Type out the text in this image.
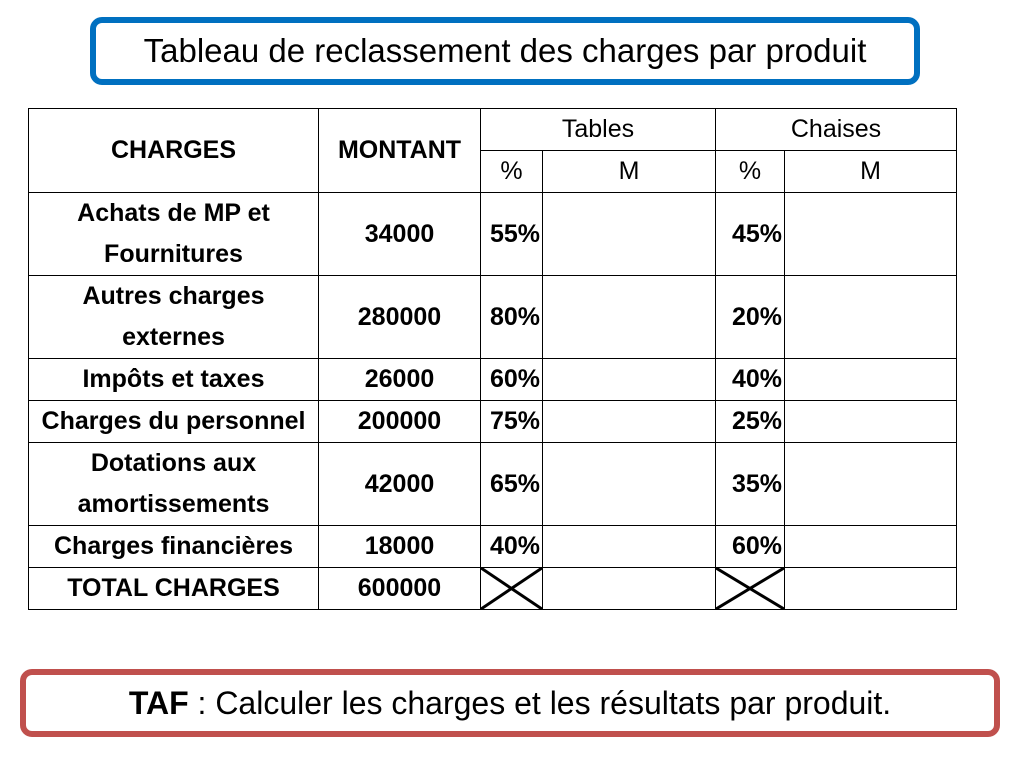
Tableau de reclassement des charges par produit
CHARGES	MONTANT	Tables		Chaises	
		%	M	%	M
Achats de MP et Fournitures	34000	55%		45%	
Autres charges externes	280000	80%		20%	
Impôts et taxes	26000	60%		40%	
Charges du personnel	200000	75%		25%	
Dotations aux amortissements	42000	65%		35%	
Charges financières	18000	40%		60%	
TOTAL CHARGES	600000	

TAF : Calculer les charges et les résultats par produit.
